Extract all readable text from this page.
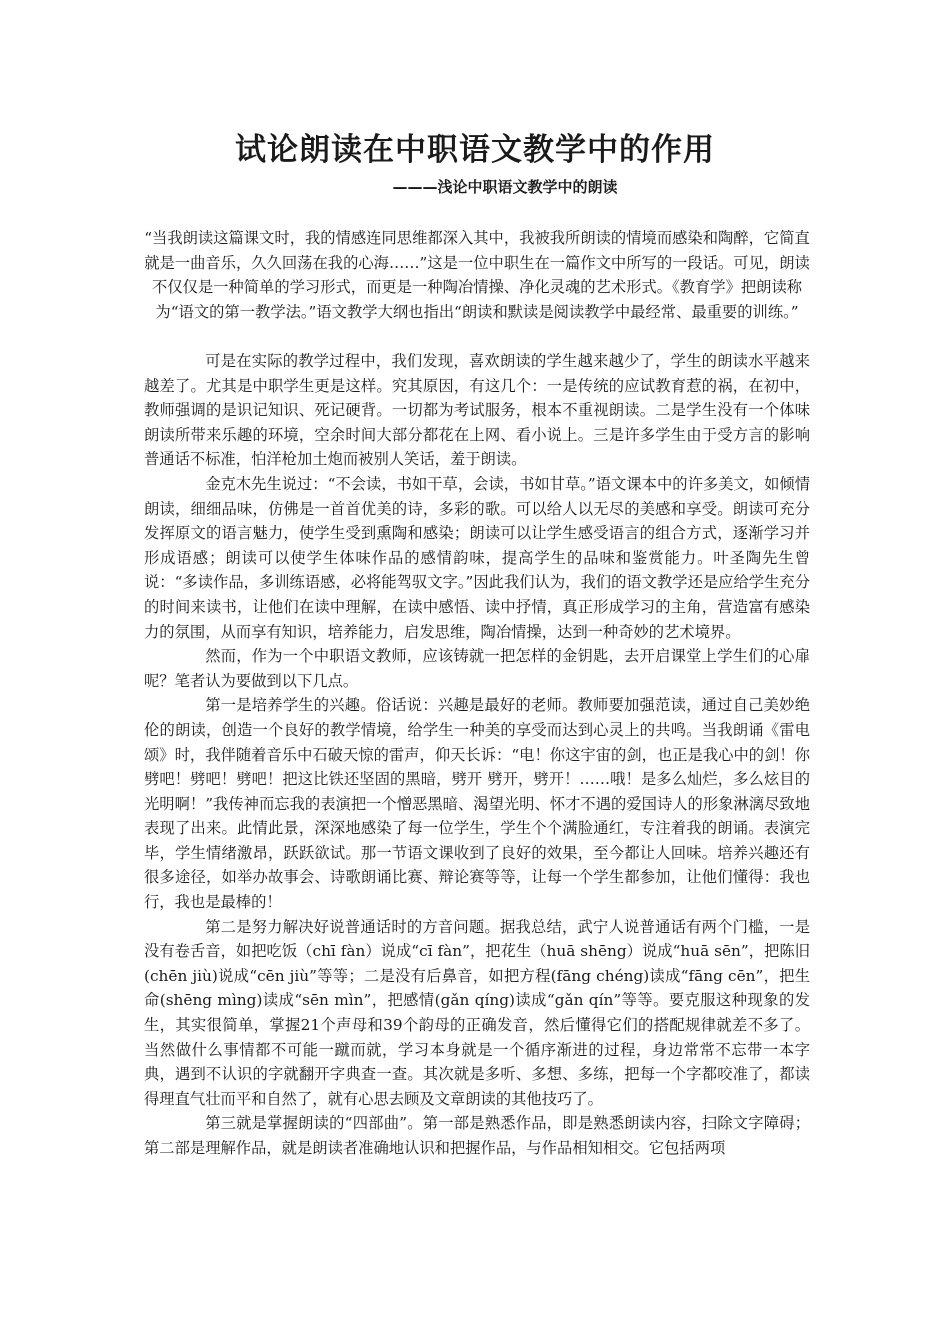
试论朗读在中职语文教学中的作用
———浅论中职语文教学中的朗读

“当我朗读这篇课文时，我的情感连同思维都深入其中，我被我所朗读的情境而感染和陶醉，它简直就是一曲音乐，久久回荡在我的心海……”这是一位中职生在一篇作文中所写的一段话。可见，朗读不仅仅是一种简单的学习形式，而更是一种陶冶情操、净化灵魂的艺术形式。《教育学》把朗读称为“语文的第一教学法。”语文教学大纲也指出“朗读和默读是阅读教学中最经常、最重要的训练。”

可是在实际的教学过程中，我们发现，喜欢朗读的学生越来越少了，学生的朗读水平越来越差了。尤其是中职学生更是这样。究其原因，有这几个：一是传统的应试教育惹的祸，在初中，教师强调的是识记知识、死记硬背。一切都为考试服务，根本不重视朗读。二是学生没有一个体味朗读所带来乐趣的环境，空余时间大部分都花在上网、看小说上。三是许多学生由于受方言的影响普通话不标准，怕洋枪加土炮而被别人笑话，羞于朗读。

金克木先生说过：“不会读，书如干草，会读，书如甘草。”语文课本中的许多美文，如倾情朗读，细细品味，仿佛是一首首优美的诗，多彩的歌。可以给人以无尽的美感和享受。朗读可充分发挥原文的语言魅力，使学生受到熏陶和感染；朗读可以让学生感受语言的组合方式，逐渐学习并形成语感；朗读可以使学生体味作品的感情韵味，提高学生的品味和鉴赏能力。叶圣陶先生曾说：“多读作品，多训练语感，必将能驾驭文字。”因此我们认为，我们的语文教学还是应给学生充分的时间来读书，让他们在读中理解，在读中感悟、读中抒情，真正形成学习的主角，营造富有感染力的氛围，从而享有知识，培养能力，启发思维，陶冶情操，达到一种奇妙的艺术境界。

然而，作为一个中职语文教师，应该铸就一把怎样的金钥匙，去开启课堂上学生们的心扉呢？笔者认为要做到以下几点。

第一是培养学生的兴趣。俗话说：兴趣是最好的老师。教师要加强范读，通过自己美妙绝伦的朗读，创造一个良好的教学情境，给学生一种美的享受而达到心灵上的共鸣。当我朗诵《雷电颂》时，我伴随着音乐中石破天惊的雷声，仰天长诉：“电！你这宇宙的剑，也正是我心中的剑！你劈吧！劈吧！劈吧！把这比铁还坚固的黑暗，劈开 劈开，劈开！……哦！是多么灿烂，多么炫目的光明啊！”我传神而忘我的表演把一个憎恶黑暗、渴望光明、怀才不遇的爱国诗人的形象淋漓尽致地表现了出来。此情此景，深深地感染了每一位学生，学生个个满脸通红，专注着我的朗诵。表演完毕，学生情绪激昂，跃跃欲试。那一节语文课收到了良好的效果，至今都让人回味。培养兴趣还有很多途径，如举办故事会、诗歌朗诵比赛、辩论赛等等，让每一个学生都参加，让他们懂得：我也行，我也是最棒的！

第二是努力解决好说普通话时的方音问题。据我总结，武宁人说普通话有两个门槛，一是没有卷舌音，如把吃饭（chī fàn）说成“cī fàn”，把花生（huā shēng）说成“huā sēn”，把陈旧(chēn jiù)说成“cēn jiù”等等；二是没有后鼻音，如把方程(fāng chéng)读成“fāng cēn”，把生命(shēng mìng)读成“sēn mìn”，把感情(gǎn qíng)读成“gǎn qín”等等。要克服这种现象的发生，其实很简单，掌握21个声母和39个韵母的正确发音，然后懂得它们的搭配规律就差不多了。当然做什么事情都不可能一蹴而就，学习本身就是一个循序渐进的过程，身边常常不忘带一本字典，遇到不认识的字就翻开字典查一查。其次就是多听、多想、多练，把每一个字都咬准了，都读得理直气壮而平和自然了，就有心思去顾及文章朗读的其他技巧了。

第三就是掌握朗读的“四部曲”。第一部是熟悉作品，即是熟悉朗读内容，扫除文字障碍；第二部是理解作品，就是朗读者准确地认识和把握作品，与作品相知相交。它包括两项
